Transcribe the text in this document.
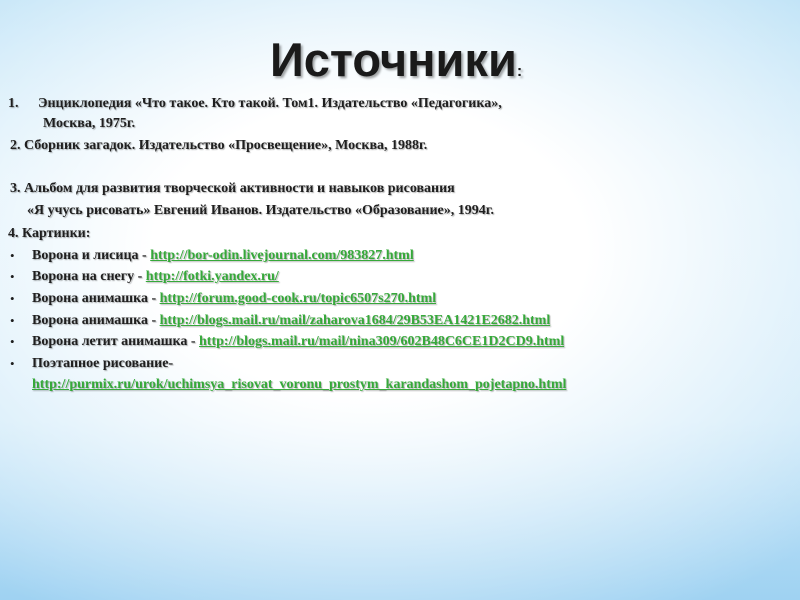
Источники:
1. Энциклопедия «Что такое. Кто такой. Том1. Издательство «Педагогика»,
Москва, 1975г.
2. Сборник загадок. Издательство «Просвещение», Москва, 1988г.
3. Альбом для развития творческой активности и навыков рисования
«Я учусь рисовать» Евгений Иванов. Издательство «Образование», 1994г.
4. Картинки:
• Ворона и лисица - http://bor-odin.livejournal.com/983827.html
• Ворона на снегу - http://fotki.yandex.ru/
• Ворона анимашка - http://forum.good-cook.ru/topic6507s270.html
• Ворона анимашка - http://blogs.mail.ru/mail/zaharova1684/29B53EA1421E2682.html
• Ворона летит анимашка - http://blogs.mail.ru/mail/nina309/602B48C6CE1D2CD9.html
• Поэтапное рисование-
http://purmix.ru/urok/uchimsya_risovat_voronu_prostym_karandashom_pojetapno.html
